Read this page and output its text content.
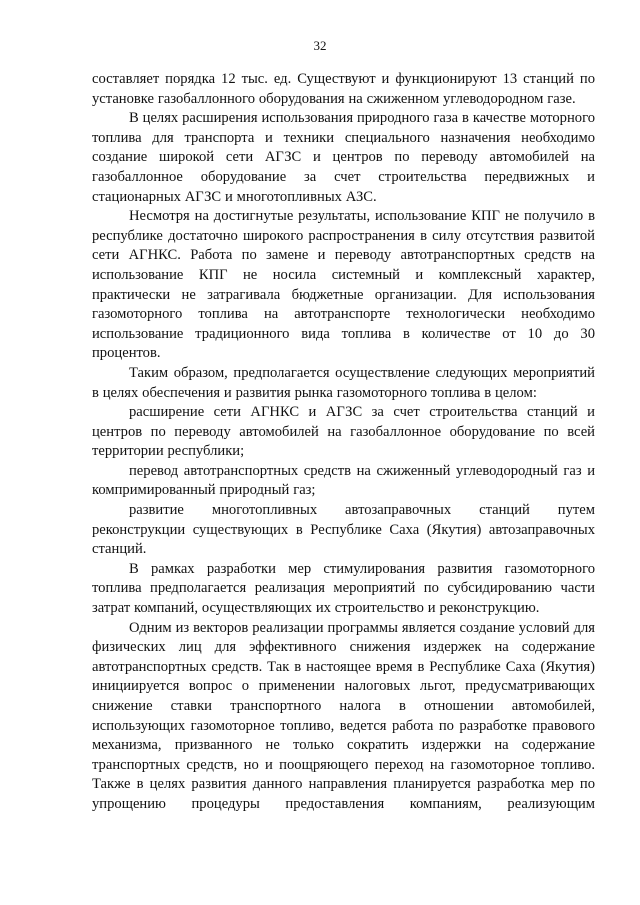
32

составляет порядка 12 тыс. ед. Существуют и функционируют 13 станций по установке газобаллонного оборудования на сжиженном углеводородном газе.

В целях расширения использования природного газа в качестве моторного топлива для транспорта и техники специального назначения необходимо создание широкой сети АГЗС и центров по переводу автомобилей на газобаллонное оборудование за счет строительства передвижных и стационарных АГЗС и многотопливных АЗС.

Несмотря на достигнутые результаты, использование КПГ не получило в республике достаточно широкого распространения в силу отсутствия развитой сети АГНКС. Работа по замене и переводу автотранспортных средств на использование КПГ не носила системный и комплексный характер, практически не затрагивала бюджетные организации. Для использования газомоторного топлива на автотранспорте технологически необходимо использование традиционного вида топлива в количестве от 10 до 30 процентов.

Таким образом, предполагается осуществление следующих мероприятий в целях обеспечения и развития рынка газомоторного топлива в целом:

расширение сети АГНКС и АГЗС за счет строительства станций и центров по переводу автомобилей на газобаллонное оборудование по всей территории республики;

перевод автотранспортных средств на сжиженный углеводородный газ и компримированный природный газ;

развитие многотопливных автозаправочных станций путем реконструкции существующих в Республике Саха (Якутия) автозаправочных станций.

В рамках разработки мер стимулирования развития газомоторного топлива предполагается реализация мероприятий по субсидированию части затрат компаний, осуществляющих их строительство и реконструкцию.

Одним из векторов реализации программы является создание условий для физических лиц для эффективного снижения издержек на содержание автотранспортных средств. Так в настоящее время в Республике Саха (Якутия) инициируется вопрос о применении налоговых льгот, предусматривающих снижение ставки транспортного налога в отношении автомобилей, использующих газомоторное топливо, ведется работа по разработке правового механизма, призванного не только сократить издержки на содержание транспортных средств, но и поощряющего переход на газомоторное топливо. Также в целях развития данного направления планируется разработка мер по упрощению процедуры предоставления компаниям, реализующим
